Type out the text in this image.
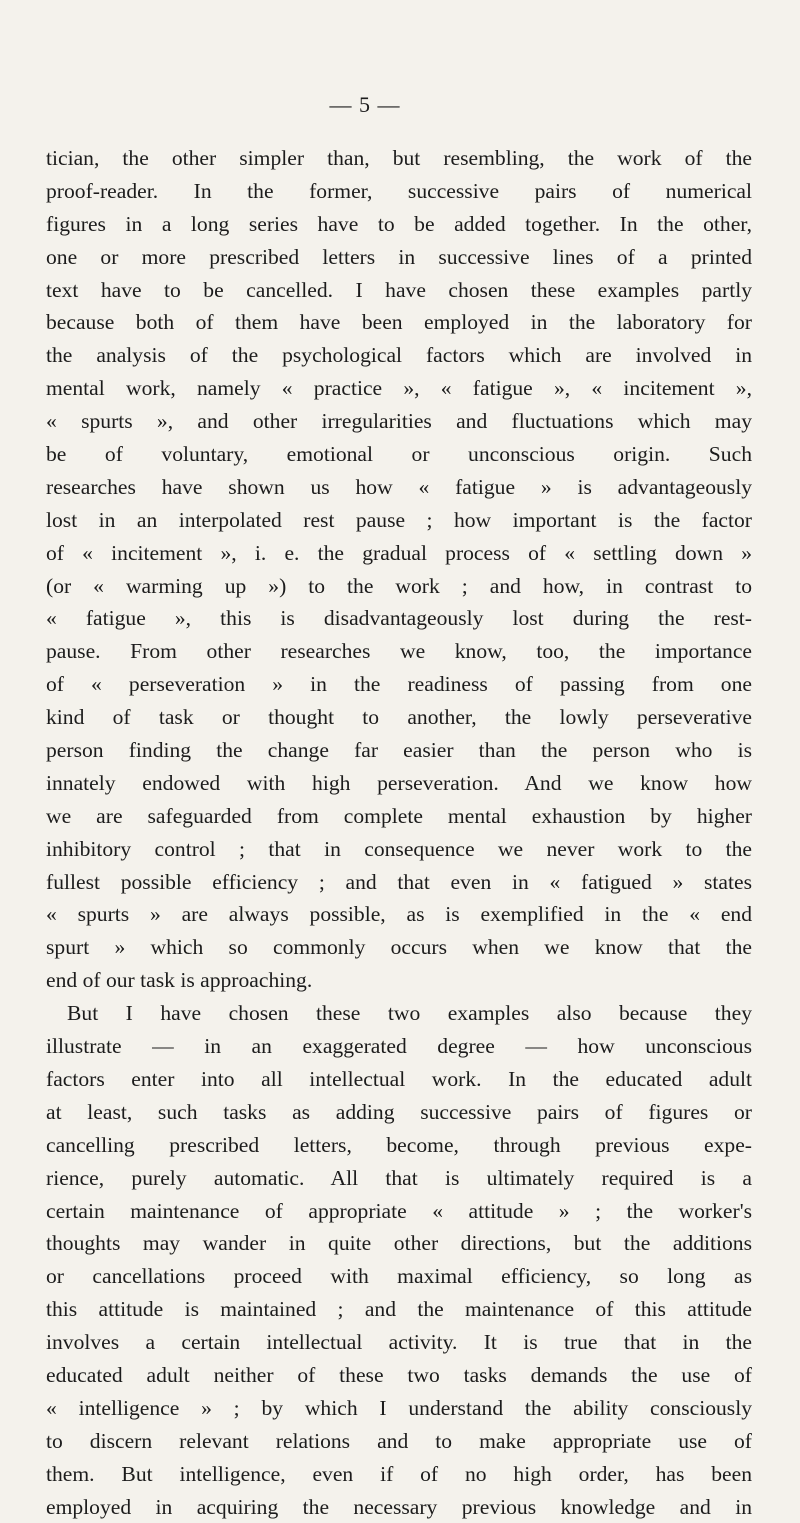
— 5 —
tician, the other simpler than, but resembling, the work of the
proof-reader. In the former, successive pairs of numerical
figures in a long series have to be added together. In the other,
one or more prescribed letters in successive lines of a printed
text have to be cancelled. I have chosen these examples partly
because both of them have been employed in the laboratory for
the analysis of the psychological factors which are involved in
mental work, namely « practice », « fatigue », « incitement »,
« spurts », and other irregularities and fluctuations which may
be of voluntary, emotional or unconscious origin. Such
researches have shown us how « fatigue » is advantageously
lost in an interpolated rest pause ; how important is the factor
of « incitement », i. e. the gradual process of « settling down »
(or « warming up ») to the work ; and how, in contrast to
« fatigue », this is disadvantageously lost during the rest-
pause. From other researches we know, too, the importance
of « perseveration » in the readiness of passing from one
kind of task or thought to another, the lowly perseverative
person finding the change far easier than the person who is
innately endowed with high perseveration. And we know how
we are safeguarded from complete mental exhaustion by higher
inhibitory control ; that in consequence we never work to the
fullest possible efficiency ; and that even in « fatigued » states
« spurts » are always possible, as is exemplified in the « end
spurt » which so commonly occurs when we know that the
end of our task is approaching.
But I have chosen these two examples also because they
illustrate — in an exaggerated degree — how unconscious
factors enter into all intellectual work. In the educated adult
at least, such tasks as adding successive pairs of figures or
cancelling prescribed letters, become, through previous expe-
rience, purely automatic. All that is ultimately required is a
certain maintenance of appropriate « attitude » ; the worker's
thoughts may wander in quite other directions, but the additions
or cancellations proceed with maximal efficiency, so long as
this attitude is maintained ; and the maintenance of this attitude
involves a certain intellectual activity. It is true that in the
educated adult neither of these two tasks demands the use of
« intelligence » ; by which I understand the ability consciously
to discern relevant relations and to make appropriate use of
them. But intelligence, even if of no high order, has been
employed in acquiring the necessary previous knowledge and in
